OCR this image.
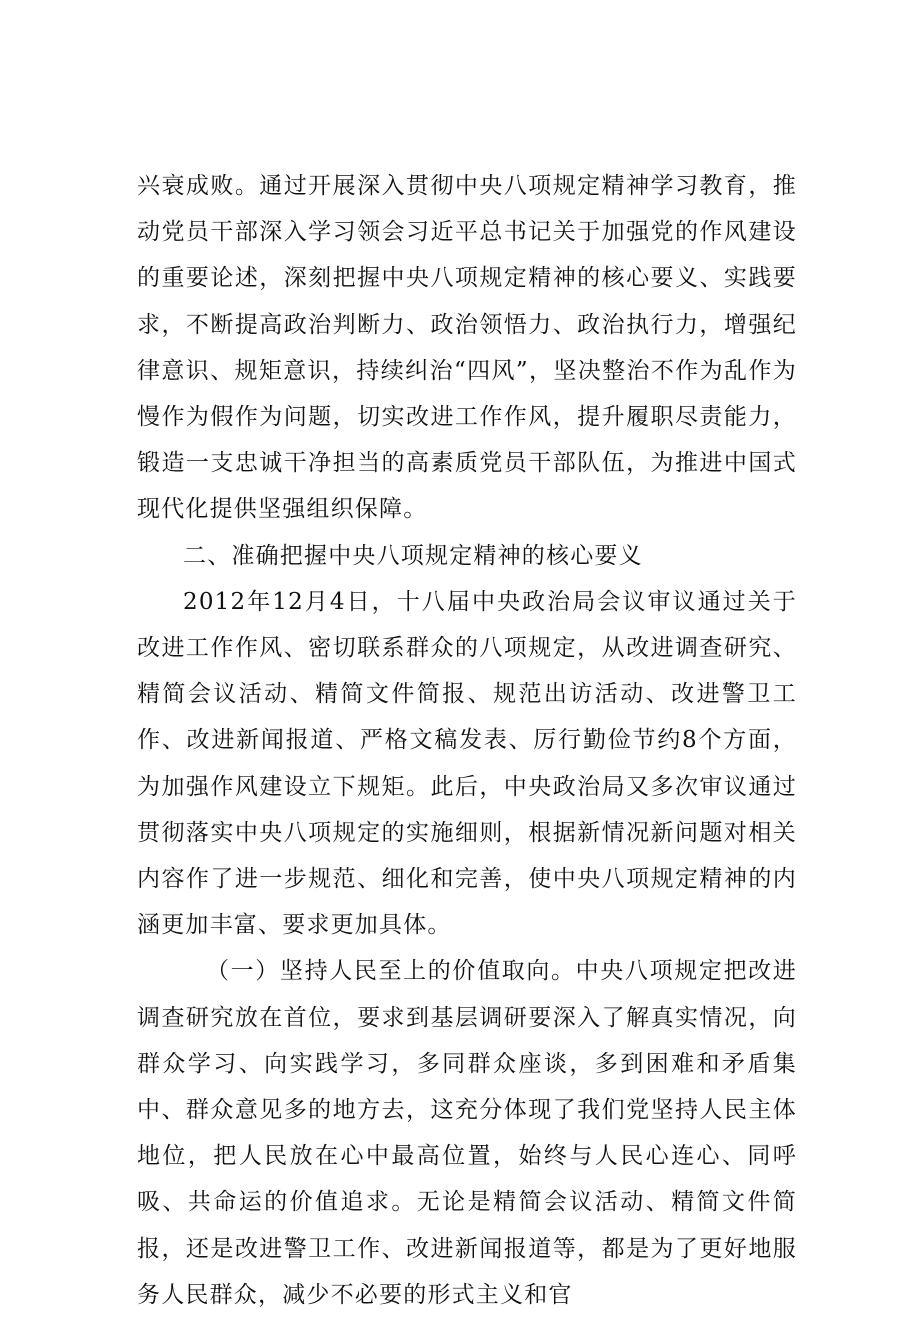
兴衰成败。通过开展深入贯彻中央八项规定精神学习教育，推动党员干部深入学习领会习近平总书记关于加强党的作风建设的重要论述，深刻把握中央八项规定精神的核心要义、实践要求，不断提高政治判断力、政治领悟力、政治执行力，增强纪律意识、规矩意识，持续纠治“四风”，坚决整治不作为乱作为慢作为假作为问题，切实改进工作作风，提升履职尽责能力，锻造一支忠诚干净担当的高素质党员干部队伍，为推进中国式现代化提供坚强组织保障。

二、准确把握中央八项规定精神的核心要义

2012年12月4日，十八届中央政治局会议审议通过关于改进工作作风、密切联系群众的八项规定，从改进调查研究、精简会议活动、精简文件简报、规范出访活动、改进警卫工作、改进新闻报道、严格文稿发表、厉行勤俭节约8个方面，为加强作风建设立下规矩。此后，中央政治局又多次审议通过贯彻落实中央八项规定的实施细则，根据新情况新问题对相关内容作了进一步规范、细化和完善，使中央八项规定精神的内涵更加丰富、要求更加具体。

（一）坚持人民至上的价值取向。中央八项规定把改进调查研究放在首位，要求到基层调研要深入了解真实情况，向群众学习、向实践学习，多同群众座谈，多到困难和矛盾集中、群众意见多的地方去，这充分体现了我们党坚持人民主体地位，把人民放在心中最高位置，始终与人民心连心、同呼吸、共命运的价值追求。无论是精简会议活动、精简文件简报，还是改进警卫工作、改进新闻报道等，都是为了更好地服务人民群众，减少不必要的形式主义和官
